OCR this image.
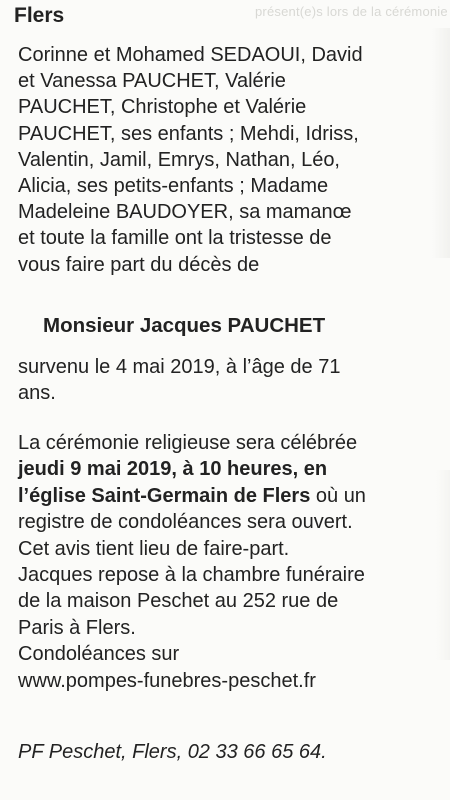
présent(e)s lors de la cérémonie
Flers

Corinne et Mohamed SEDAOUI, David
et Vanessa PAUCHET, Valérie
PAUCHET, Christophe et Valérie
PAUCHET, ses enfants ; Mehdi, Idriss,
Valentin, Jamil, Emrys, Nathan, Léo,
Alicia, ses petits-enfants ; Madame
Madeleine BAUDOYER, sa mamanœ
et toute la famille ont la tristesse de
vous faire part du décès de

Monsieur Jacques PAUCHET

survenu le 4 mai 2019, à l’âge de 71
ans.

La cérémonie religieuse sera célébrée
jeudi 9 mai 2019, à 10 heures, en
l’église Saint-Germain de Flers où un
registre de condoléances sera ouvert.
Cet avis tient lieu de faire-part.
Jacques repose à la chambre funéraire
de la maison Peschet au 252 rue de
Paris à Flers.
Condoléances sur
www.pompes-funebres-peschet.fr

PF Peschet, Flers, 02 33 66 65 64.
